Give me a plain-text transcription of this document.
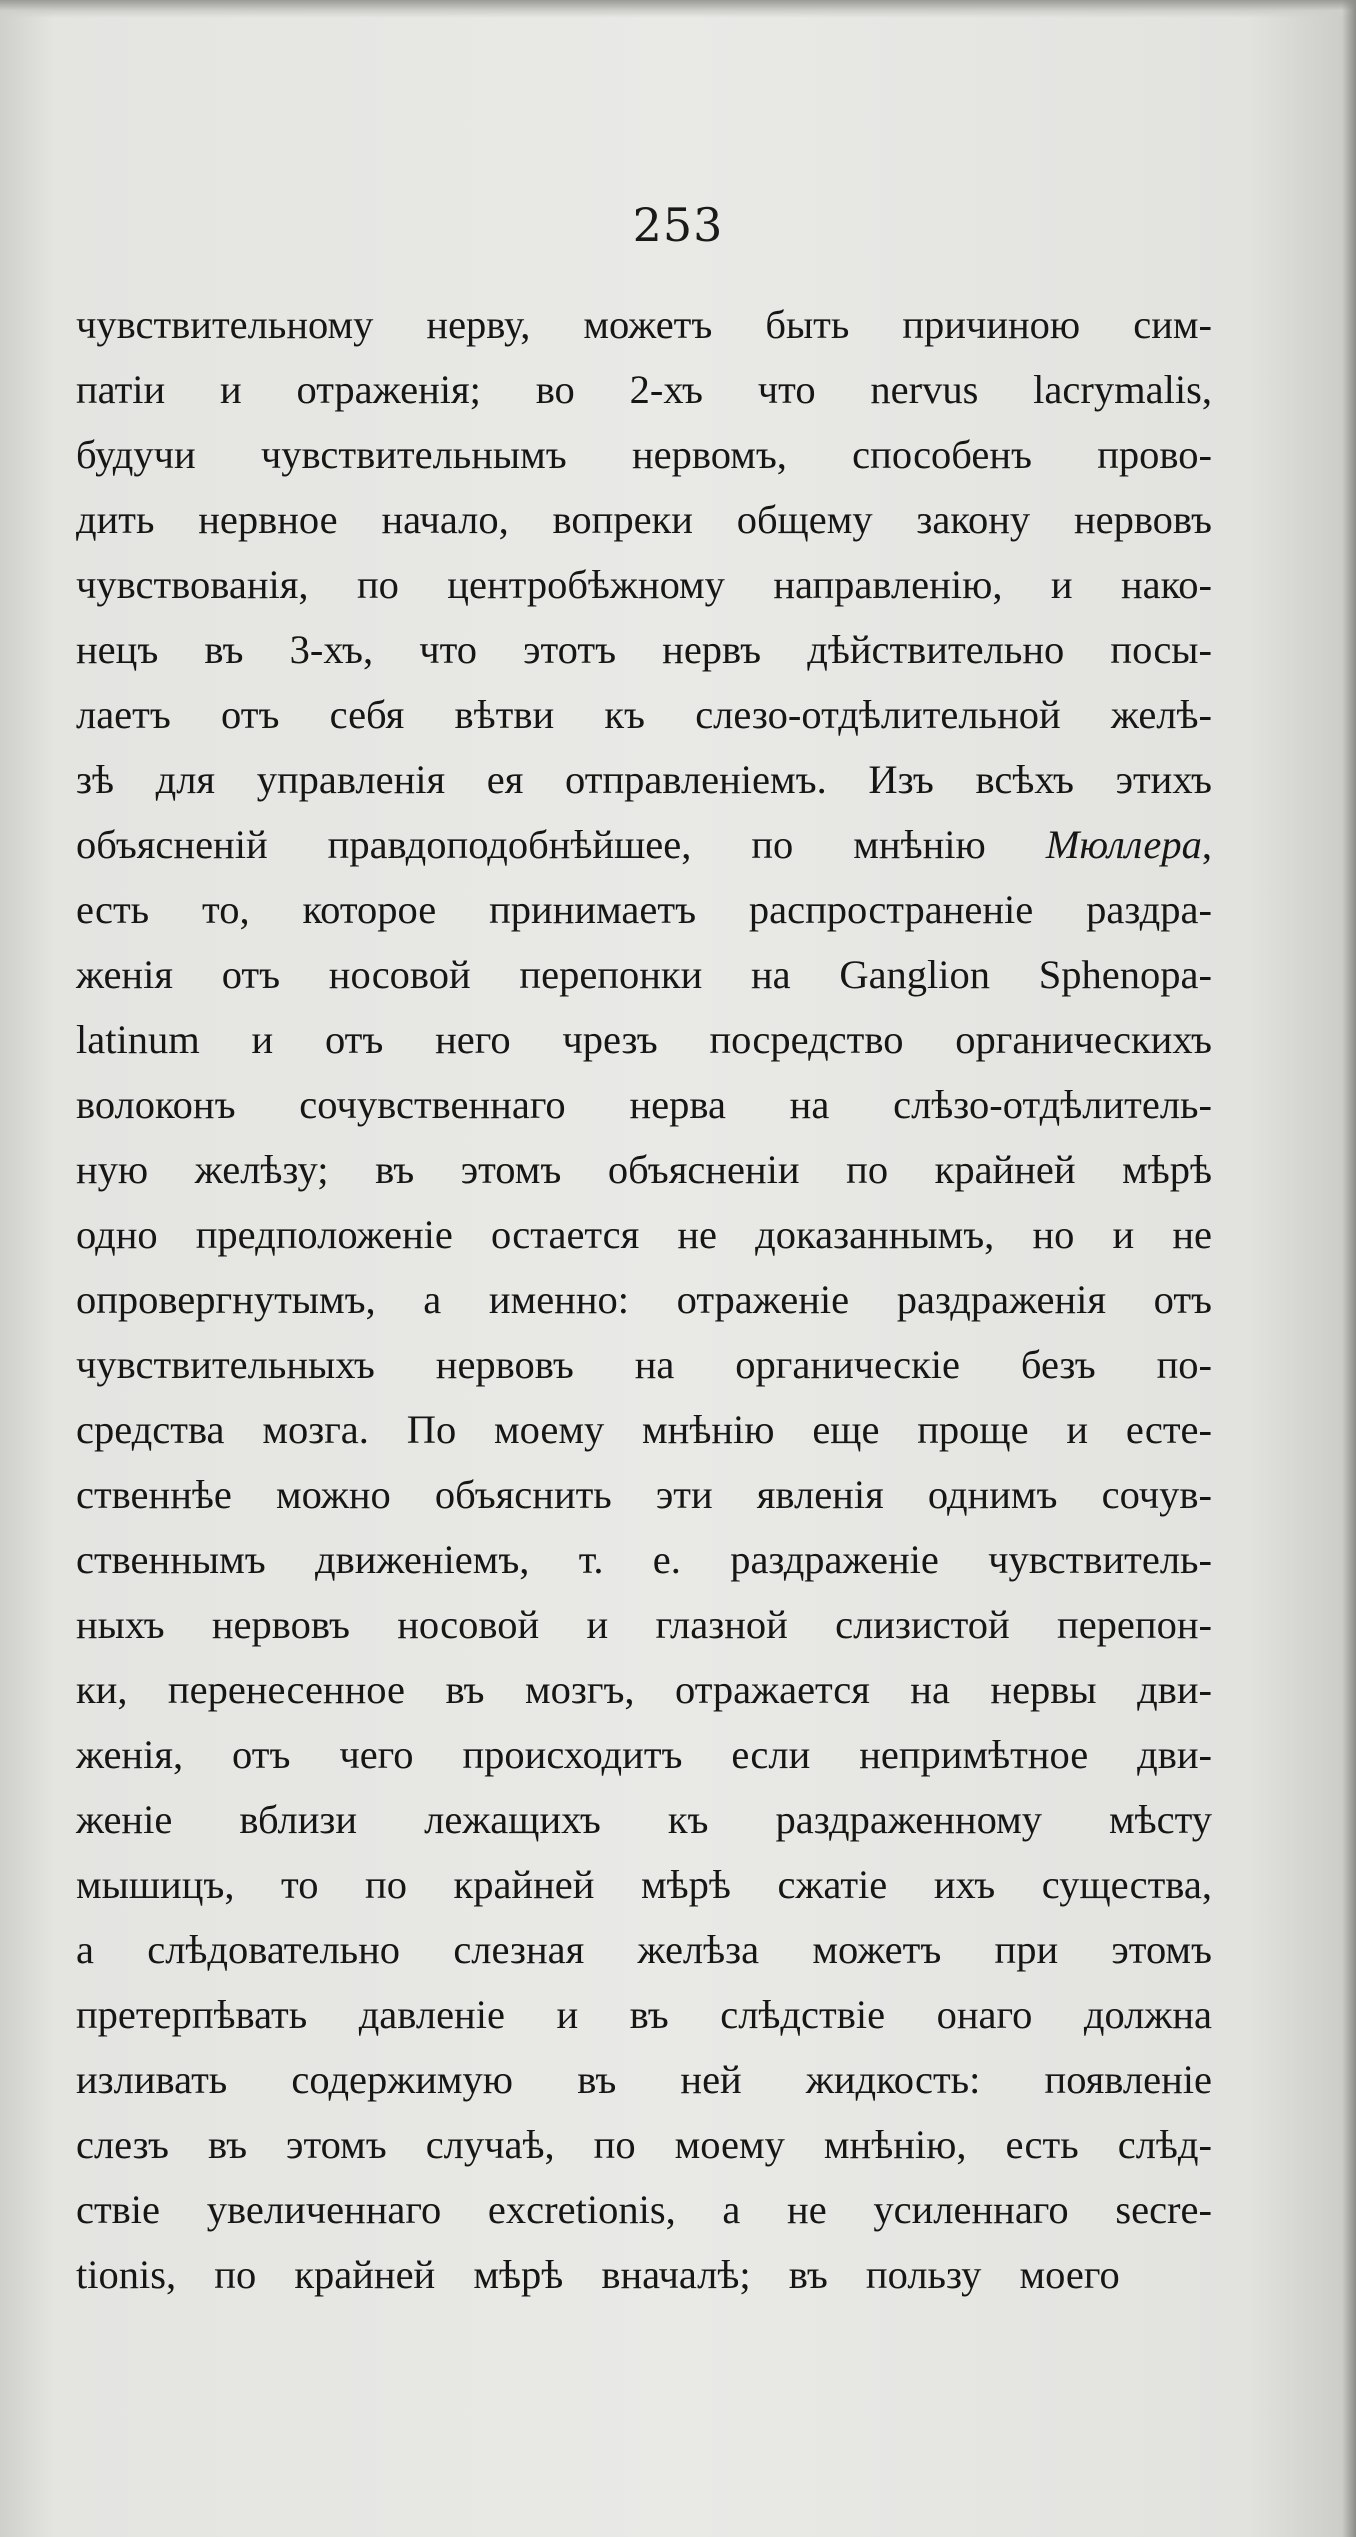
253
чувствительному нерву, можетъ быть причиною сим-
патіи и отраженія; во 2-хъ что nervus lacrymalis,
будучи чувствительнымъ нервомъ, способенъ прово-
дить нервное начало, вопреки общему закону нервовъ
чувствованія, по центробѣжному направленію, и нако-
нецъ въ 3-хъ, что этотъ нервъ дѣйствительно посы-
лаетъ отъ себя вѣтви къ слезо-отдѣлительной желѣ-
зѣ для управленія ея отправленіемъ. Изъ всѣхъ этихъ
объясненій правдоподобнѣйшее, по мнѣнію Мюллера,
есть то, которое принимаетъ распространеніе раздра-
женія отъ носовой перепонки на Ganglion Sphenopa-
latinum и отъ него чрезъ посредство органическихъ
волоконъ сочувственнаго нерва на слѣзо-отдѣлитель-
ную желѣзу; въ этомъ объясненіи по крайней мѣрѣ
одно предположеніе остается не доказаннымъ, но и не
опровергнутымъ, а именно: отраженіе раздраженія отъ
чувствительныхъ нервовъ на органическіе безъ по-
средства мозга. По моему мнѣнію еще проще и есте-
ственнѣе можно объяснить эти явленія однимъ сочув-
ственнымъ движеніемъ, т. е. раздраженіе чувствитель-
ныхъ нервовъ носовой и глазной слизистой перепон-
ки, перенесенное въ мозгъ, отражается на нервы дви-
женія, отъ чего происходитъ если непримѣтное дви-
женіе вблизи лежащихъ къ раздраженному мѣсту
мышицъ, то по крайней мѣрѣ сжатіе ихъ существа,
а слѣдовательно слезная желѣза можетъ при этомъ
претерпѣвать давленіе и въ слѣдствіе онаго должна
изливать содержимую въ ней жидкость: появленіе
слезъ въ этомъ случаѣ, по моему мнѣнію, есть слѣд-
ствіе увеличеннаго excretionis, а не усиленнаго secre-
tionis, по крайней мѣрѣ вначалѣ; въ пользу моего
